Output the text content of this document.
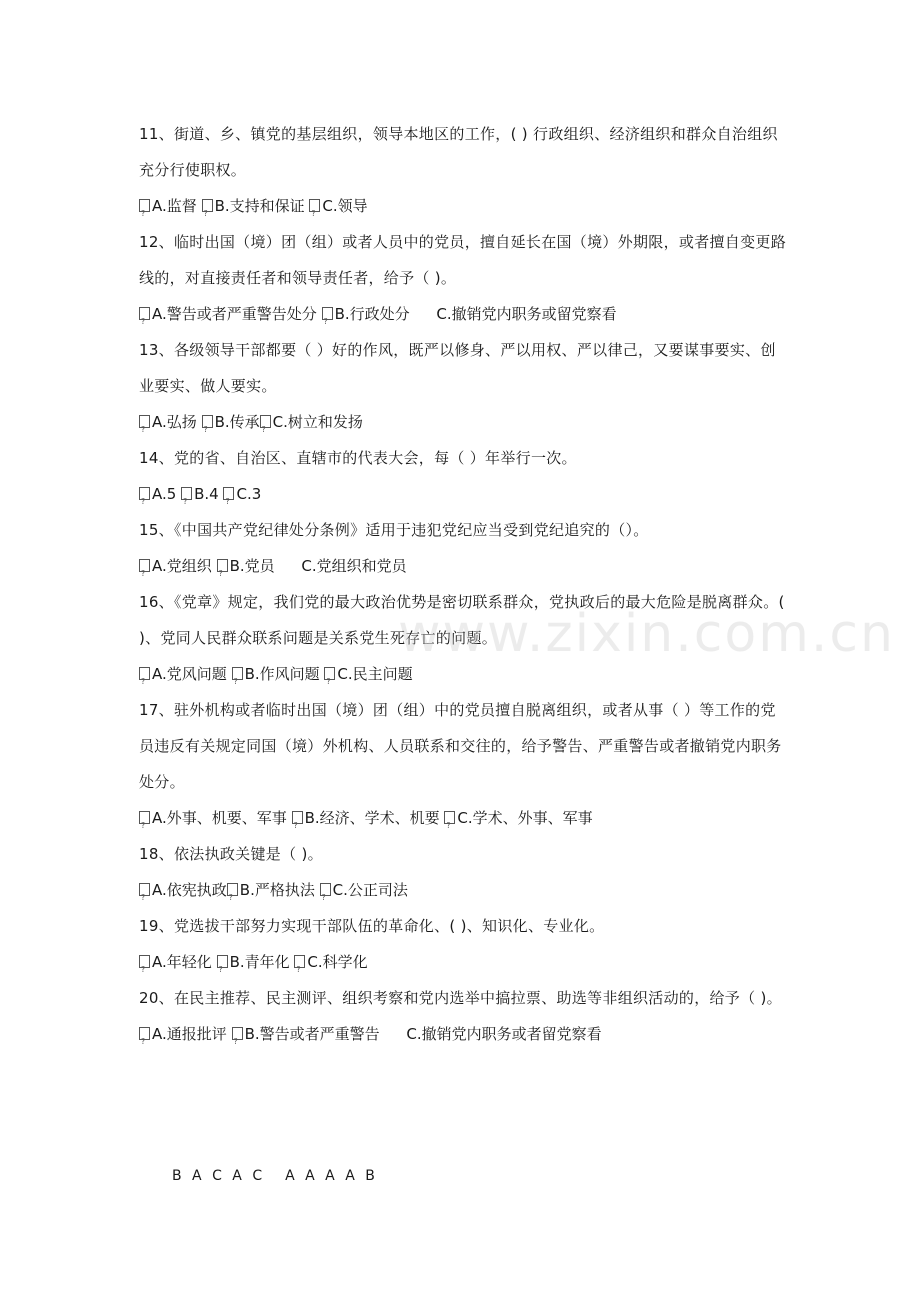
11、街道、乡、镇党的基层组织，领导本地区的工作，( ) 行政组织、经济组织和群众自治组织充分行使职权。

?A.监督 ? B.支持和保证 ? C.领导

12、临时出国（境）团（组）或者人员中的党员，擅自延长在国（境）外期限，或者擅自变更路线的，对直接责任者和领导责任者，给予（ )。

?A.警告或者严重警告处分 ? B.行政处分 C.撤销党内职务或留党察看

13、各级领导干部都要（ ）好的作风，既严以修身、严以用权、严以律己，又要谋事要实、创业要实、做人要实。

?A.弘扬 ? B.传承 ? C.树立和发扬

14、党的省、自治区、直辖市的代表大会，每（ ）年举行一次。

?A.5 ? B.4 ? C.3

15、《中国共产党纪律处分条例》适用于违犯党纪应当受到党纪追究的（）。

?A.党组织 ? B.党员 C.党组织和党员

16、《党章》规定，我们党的最大政治优势是密切联系群众，党执政后的最大危险是脱离群众。( )、党同人民群众联系问题是关系党生死存亡的问题。

?A.党风问题 ? B.作风问题 ? C.民主问题

17、驻外机构或者临时出国（境）团（组）中的党员擅自脱离组织，或者从事（ ）等工作的党员违反有关规定同国（境）外机构、人员联系和交往的，给予警告、严重警告或者撤销党内职务处分。

?A.外事、机要、军事 ? B.经济、学术、机要 ? C.学术、外事、军事

18、依法执政关键是（ )。

?A.依宪执政 ? B.严格执法 ? C.公正司法

19、党选拔干部努力实现干部队伍的革命化、( )、知识化、专业化。

?A.年轻化 ? B.青年化 ? C.科学化

20、在民主推荐、民主测评、组织考察和党内选举中搞拉票、助选等非组织活动的，给予（ )。

?A.通报批评 ? B.警告或者严重警告 C.撤销党内职务或者留党察看

B A C A C A A A A B
www.zixin.com.cn
